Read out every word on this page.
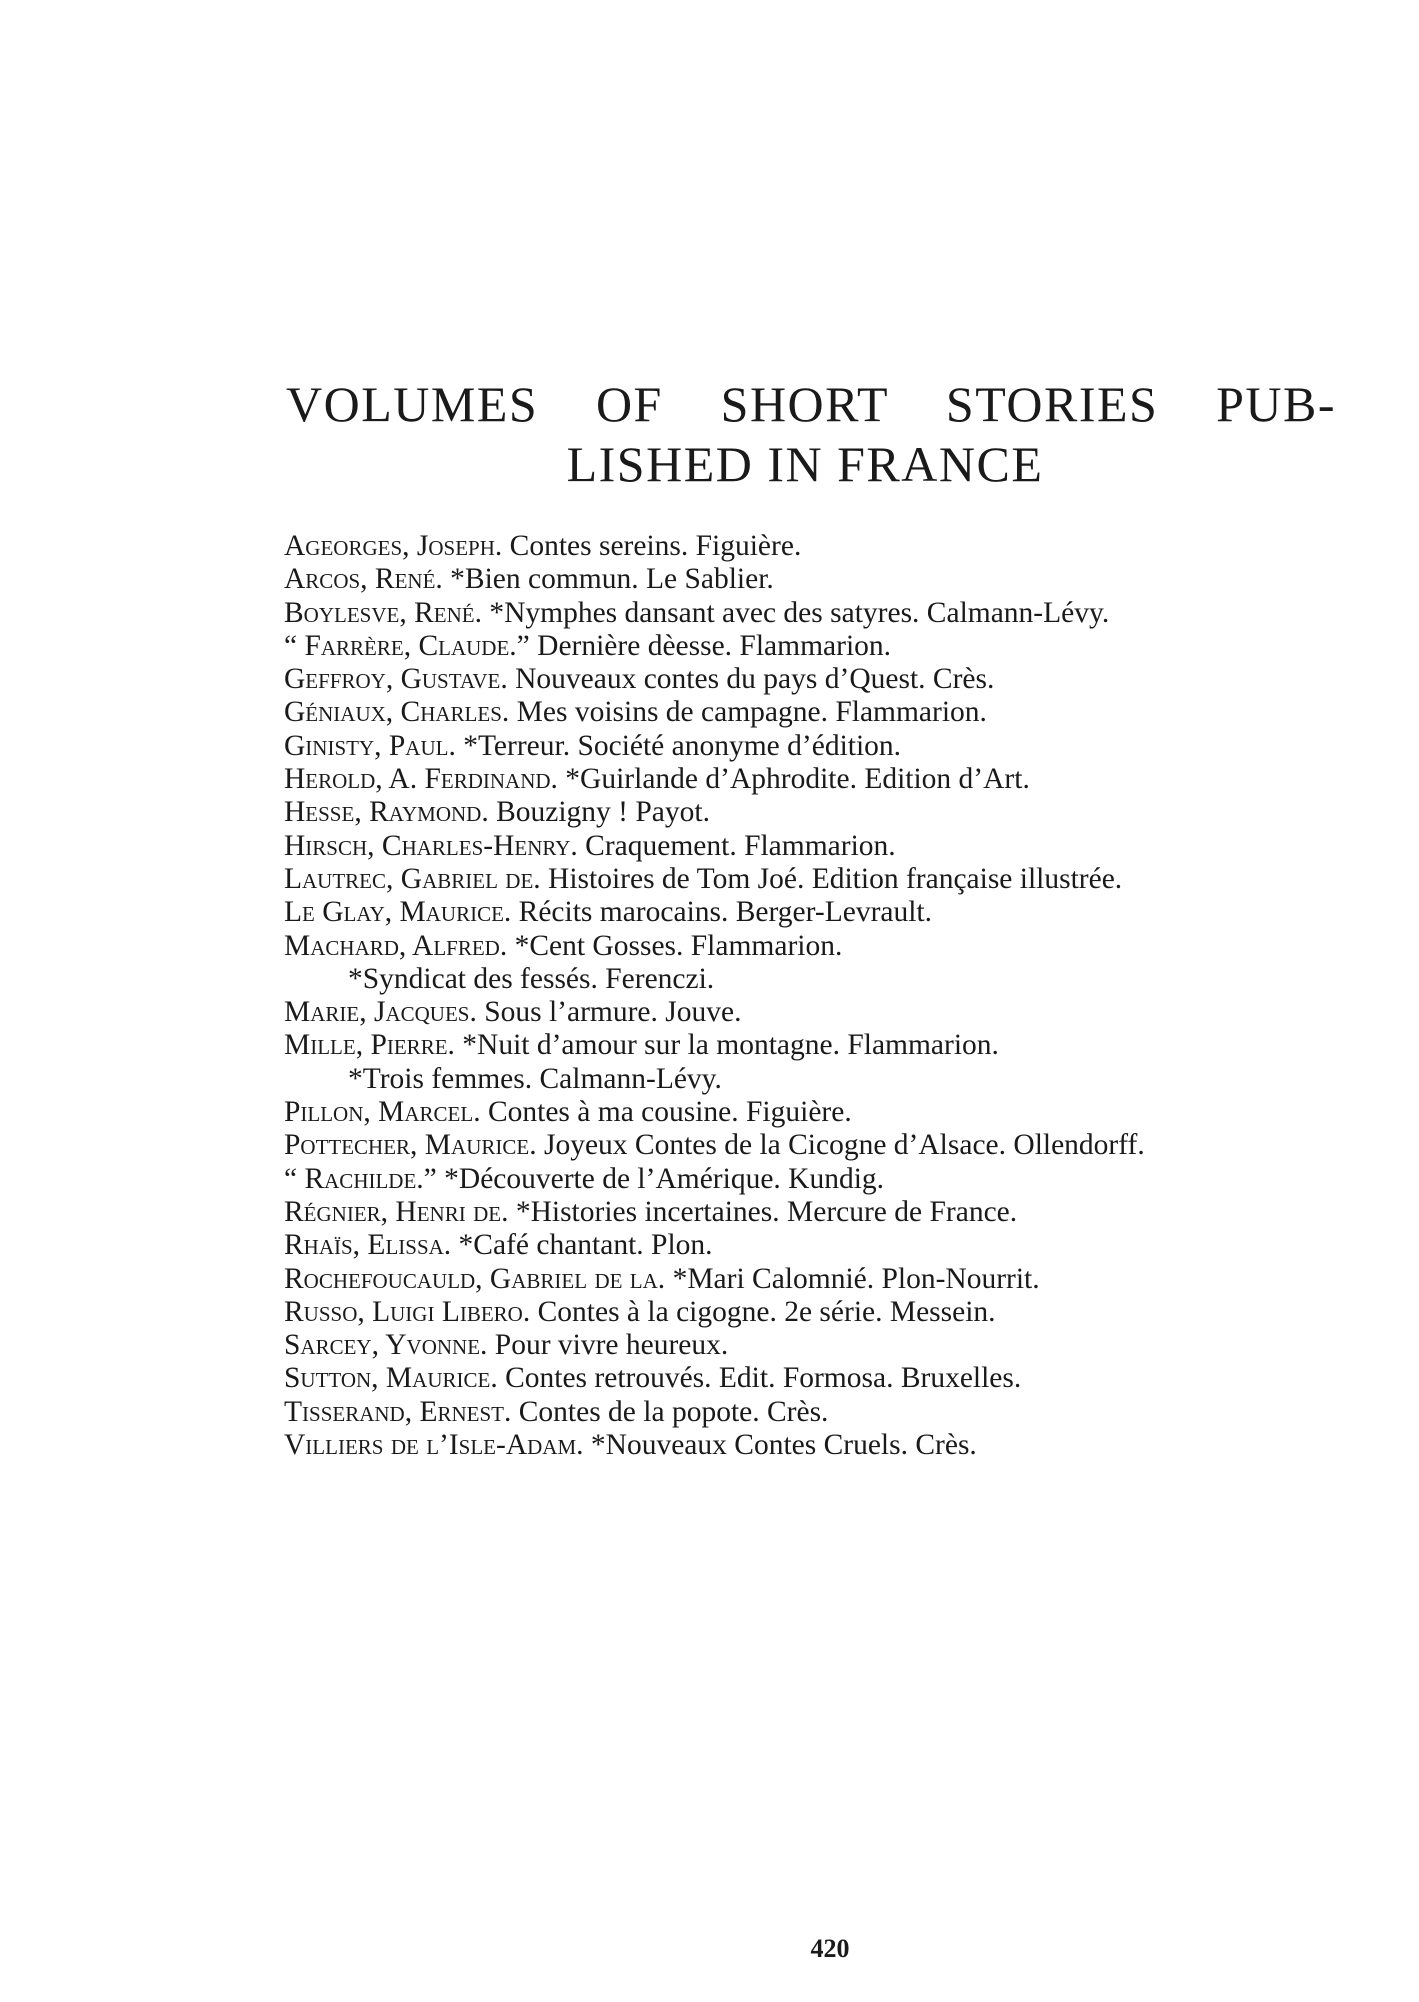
VOLUMES OF SHORT STORIES PUB-
LISHED IN FRANCE
Ageorges, Joseph. Contes sereins. Figuière.
Arcos, René. *Bien commun. Le Sablier.
Boylesve, René. *Nymphes dansant avec des satyres. Calmann-Lévy.
“ Farrère, Claude.” Dernière dèesse. Flammarion.
Geffroy, Gustave. Nouveaux contes du pays d’Quest. Crès.
Géniaux, Charles. Mes voisins de campagne. Flammarion.
Ginisty, Paul. *Terreur. Société anonyme d’édition.
Herold, A. Ferdinand. *Guirlande d’Aphrodite. Edition d’Art.
Hesse, Raymond. Bouzigny ! Payot.
Hirsch, Charles-Henry. Craquement. Flammarion.
Lautrec, Gabriel de. Histoires de Tom Joé. Edition française illustrée.
Le Glay, Maurice. Récits marocains. Berger-Levrault.
Machard, Alfred. *Cent Gosses. Flammarion.
*Syndicat des fessés. Ferenczi.
Marie, Jacques. Sous l’armure. Jouve.
Mille, Pierre. *Nuit d’amour sur la montagne. Flammarion.
*Trois femmes. Calmann-Lévy.
Pillon, Marcel. Contes à ma cousine. Figuière.
Pottecher, Maurice. Joyeux Contes de la Cicogne d’Alsace. Ollendorff.
“ Rachilde.” *Découverte de l’Amérique. Kundig.
Régnier, Henri de. *Histories incertaines. Mercure de France.
Rhaïs, Elissa. *Café chantant. Plon.
Rochefoucauld, Gabriel de la. *Mari Calomnié. Plon-Nourrit.
Russo, Luigi Libero. Contes à la cigogne. 2e série. Messein.
Sarcey, Yvonne. Pour vivre heureux.
Sutton, Maurice. Contes retrouvés. Edit. Formosa. Bruxelles.
Tisserand, Ernest. Contes de la popote. Crès.
Villiers de l’Isle-Adam. *Nouveaux Contes Cruels. Crès.
420
